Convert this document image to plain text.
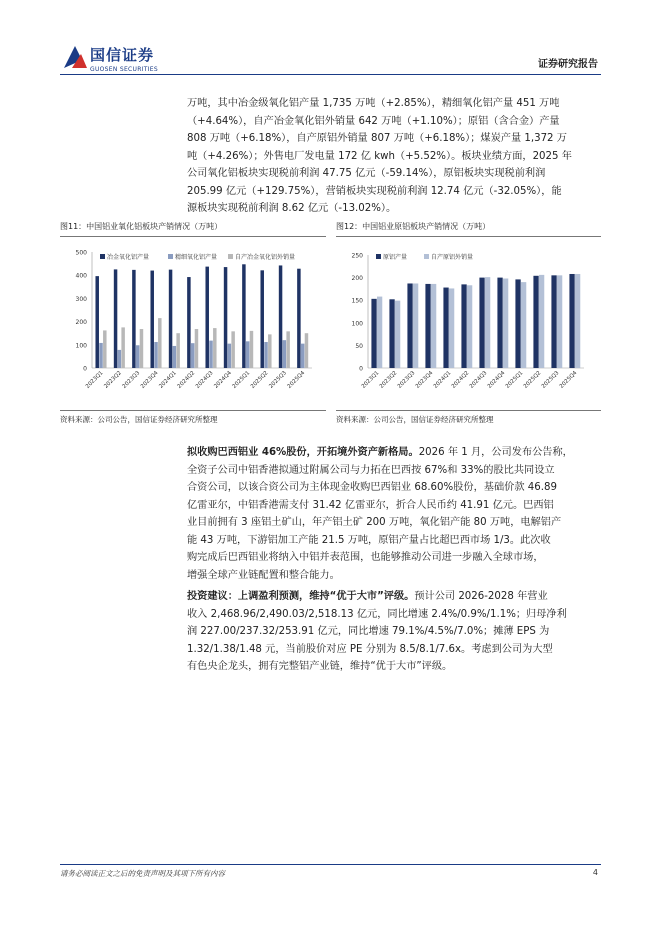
国信证券
GUOSEN SECURITIES	证券研究报告
万吨，其中冶金级氧化铝产量 1,735 万吨（+2.85%），精细氧化铝产量 451 万吨
（+4.64%），自产冶金氧化铝外销量 642 万吨（+1.10%）；原铝（含合金）产量
808 万吨（+6.18%），自产原铝外销量 807 万吨（+6.18%）；煤炭产量 1,372 万
吨（+4.26%）；外售电厂发电量 172 亿 kwh（+5.52%）。板块业绩方面，2025 年
公司氧化铝板块实现税前利润 47.75 亿元（-59.14%），原铝板块实现税前利润
205.99 亿元（+129.75%），营销板块实现税前利润 12.74 亿元（-32.05%），能
源板块实现税前利润 8.62 亿元（-13.02%）。
图11：中国铝业氧化铝板块产销情况（万吨）	图12：中国铝业原铝板块产销情况（万吨）
0
100
200
300
400
500
冶金氧化铝产量	精细氧化铝产量	自产冶金氧化铝外销量
2023Q1
2023Q2
2023Q3
2023Q4
2024Q1
2024Q2
2024Q3
2024Q4
2025Q1
2025Q2
2025Q3
2025Q4
0
50
100
150
200
250	原铝产量	自产原铝外销量
2023Q1
2023Q2
2023Q3
2023Q4
2024Q1
2024Q2
2024Q3
2024Q4
2025Q1
2025Q2
2025Q3
2025Q4
资料来源：公司公告，国信证券经济研究所整理	资料来源：公司公告，国信证券经济研究所整理
拟收购巴西铝业 46%股份，开拓境外资产新格局。2026 年 1 月，公司发布公告称，
全资子公司中铝香港拟通过附属公司与力拓在巴西按 67%和 33%的股比共同设立
合资公司，以该合资公司为主体现金收购巴西铝业 68.60%股份，基础价款 46.89
亿雷亚尔，中铝香港需支付 31.42 亿雷亚尔，折合人民币约 41.91 亿元。巴西铝
业目前拥有 3 座铝土矿山，年产铝土矿 200 万吨，氧化铝产能 80 万吨，电解铝产
能 43 万吨，下游铝加工产能 21.5 万吨，原铝产量占比超巴西市场 1/3。此次收
购完成后巴西铝业将纳入中铝并表范围，也能够推动公司进一步融入全球市场，
增强全球产业链配置和整合能力。
投资建议：上调盈利预测，维持“优于大市”评级。预计公司 2026-2028 年营业
收入 2,468.96/2,490.03/2,518.13 亿元，同比增速 2.4%/0.9%/1.1%；归母净利
润 227.00/237.32/253.91 亿元，同比增速 79.1%/4.5%/7.0%；摊薄 EPS 为
1.32/1.38/1.48 元，当前股价对应 PE 分别为 8.5/8.1/7.6x。考虑到公司为大型
有色央企龙头，拥有完整铝产业链，维持“优于大市”评级。
请务必阅读正文之后的免责声明及其项下所有内容	4
